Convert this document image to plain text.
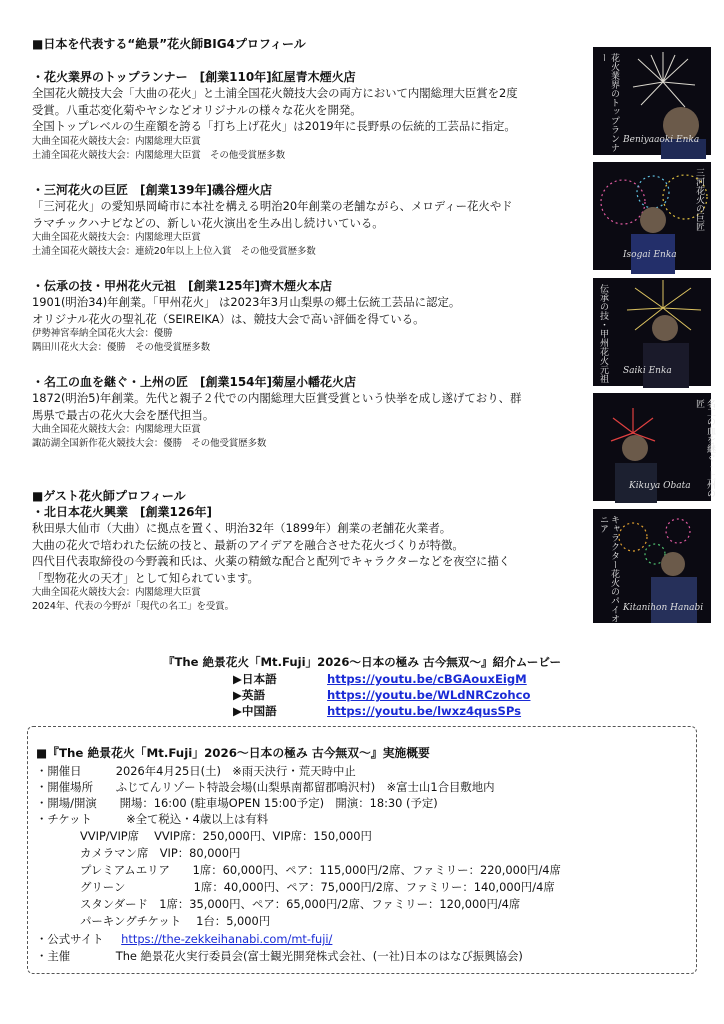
■日本を代表する“絶景”花火師BIG4プロフィール
・花火業界のトップランナー　[創業110年]紅屋青木煙火店
全国花火競技大会「大曲の花火」と土浦全国花火競技大会の両方において内閣総理大臣賞を2度
受賞。八重芯変化菊やヤシなどオリジナルの様々な花火を開発。
全国トップレベルの生産額を誇る「打ち上げ花火」は2019年に長野県の伝統的工芸品に指定。
大曲全国花火競技大会：内閣総理大臣賞
土浦全国花火競技大会：内閣総理大臣賞　その他受賞歴多数
・三河花火の巨匠　[創業139年]磯谷煙火店
「三河花火」の愛知県岡崎市に本社を構える明治20年創業の老舗ながら、メロディー花火やド
ラマチックハナビなどの、新しい花火演出を生み出し続けいている。
大曲全国花火競技大会：内閣総理大臣賞
土浦全国花火競技大会：連続20年以上上位入賞　その他受賞歴多数
・伝承の技・甲州花火元祖　[創業125年]齊木煙火本店
1901(明治34)年創業。「甲州花火」 は2023年3月山梨県の郷土伝統工芸品に認定。
オリジナル花火の聖礼花（SEIREIKA）は、競技大会で高い評価を得ている。
伊勢神宮奉納全国花火大会：優勝
隅田川花火大会：優勝　その他受賞歴多数
・名工の血を継ぐ・上州の匠　[創業154年]菊屋小幡花火店
1872(明治5)年創業。先代と親子２代での内閣総理大臣賞受賞という快挙を成し遂げており、群
馬県で最古の花火大会を歴代担当。
大曲全国花火競技大会：内閣総理大臣賞
諏訪湖全国新作花火競技大会：優勝　その他受賞歴多数
■ゲスト花火師プロフィール
・北日本花火興業　[創業126年]
秋田県大仙市（大曲）に拠点を置く、明治32年（1899年）創業の老舗花火業者。
大曲の花火で培われた伝統の技と、最新のアイデアを融合させた花火づくりが特徴。
四代目代表取締役の今野義和氏は、火薬の精緻な配合と配列でキャラクターなどを夜空に描く
「型物花火の天才」として知られています。
大曲全国花火競技大会：内閣総理大臣賞
2024年、代表の今野が「現代の名工」を受賞。
花火業界のトップランナー
Beniyaaoki Enka
三河花火の巨匠
Isogai Enka
伝承の技・甲州花火元祖 Saiki Enka
名工の血を継ぐ・上州の匠
Kikuya Obata
キャラクター花火のパイオニア
Kitanihon Hanabi
『The 絶景花火「Mt.Fuji」2026〜日本の極み 古今無双〜』紹介ムービー
▶日本語	https://youtu.be/cBGAouxEigM
▶英語	https://youtu.be/WLdNRCzohco
▶中国語	https://youtu.be/lwxz4qusSPs
■『The 絶景花火「Mt.Fuji」2026〜日本の極み 古今無双〜』実施概要
・開催日　　　2026年4月25日(土)　※雨天決行・荒天時中止
・開催場所　　ふじてんリゾート特設会場(山梨県南都留郡鳴沢村)　※富士山1合目敷地内
・開場/開演　　開場：16:00 (駐車場OPEN 15:00予定)　開演：18:30 (予定)
・チケット　　　※全て税込・4歳以上は有料
VVIP/VIP席　 VVIP席：250,000円、VIP席：150,000円
カメラマン席　VIP：80,000円
プレミアムエリア　　1席：60,000円、ペア：115,000円/2席、ファミリー：220,000円/4席
グリーン　　　　　　1席：40,000円、ペア：75,000円/2席、ファミリー：140,000円/4席
スタンダード　1席：35,000円、ペア：65,000円/2席、ファミリー：120,000円/4席
パーキングチケット　 1台：5,000円
・公式サイト https://the-zekkeihanabi.com/mt-fuji/
・主催　　　　The 絶景花火実行委員会(富士観光開発株式会社、(一社)日本のはなび振興協会)
